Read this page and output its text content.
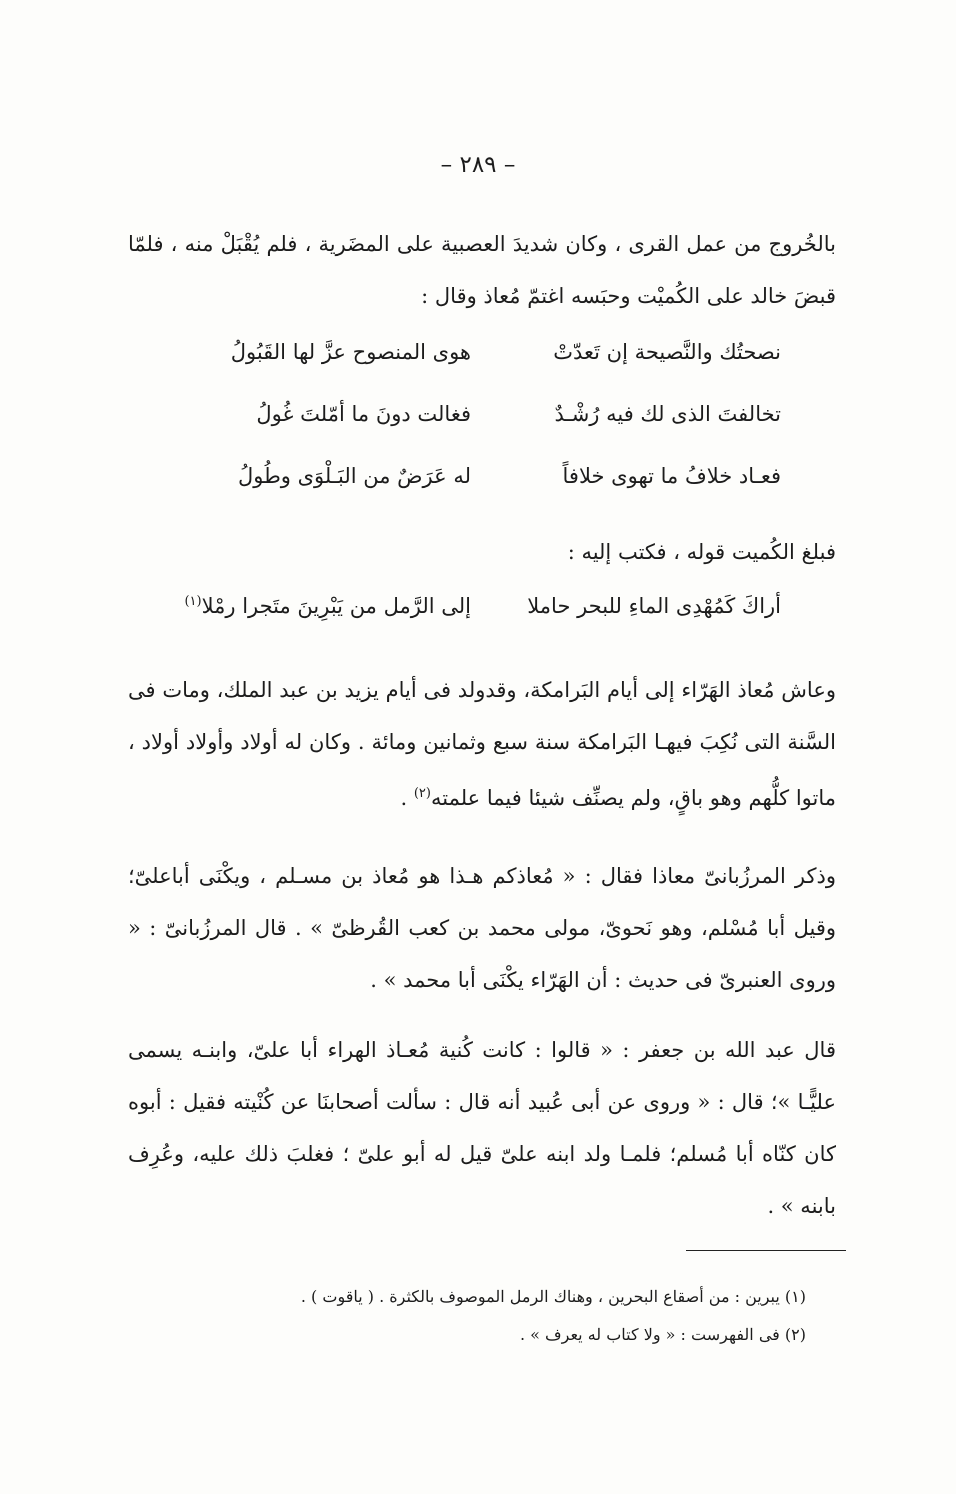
– ٢٨٩ –

بالخُروج من عمل القرى ، وكان شديدَ العصبية على المضَرية ، فلم يُقْبَلْ منه ، فلمّا قبضَ خالد على الكُميْت وحبَسه اغتمّ مُعاذ وقال :

نصحتُك والنَّصيحة إن تَعدّتْ
هوى المنصوح عزَّ لها القَبُولُ
تخالفتَ الذى لك فيه رُشْـدٌ
فغالت دونَ ما أمّلتَ غُولُ
فعـاد خلافُ ما تهوى خلافاً
له عَرَضٌ من البَـلْوَى وطُولُ

فبلغ الكُميت قوله ، فكتب إليه :

أراكَ كَمُهْدِى الماءِ للبحر حاملا
إلى الرَّمل من يَبْرِينَ متَجرا رمْلا$^{(١)}$

وعاش مُعاذ الهَرّاء إلى أيام البَرامكة، وقدولد فى أيام يزيد بن عبد الملك، ومات فى السَّنة التى نُكِبَ فيهـا البَرامكة سنة سبع وثمانين ومائة . وكان له أولاد وأولاد أولاد ، ماتوا كلُّهم وهو باقٍ، ولم يصنِّف شيئا فيما علمته$^{(٢)}$ .

وذكر المرزُبانىّ معاذا فقال : « مُعاذكم هـذا هو مُعاذ بن مسـلم ، ويكْنَى أباعلىّ؛ وقيل أبا مُسْلم، وهو نَحوىّ، مولى محمد بن كعب القُرظىّ » . قال المرزُبانىّ : « وروى العنبرىّ فى حديث : أن الهَرّاء يكْنَى أبا محمد » .

قال عبد الله بن جعفر : « قالوا : كانت كُنية مُعـاذ الهراء أبا علىّ، وابنـه يسمى عليًّـا »؛ قال : « وروى عن أبى عُبيد أنه قال : سألت أصحابنَا عن كُنْيته فقيل : أبوه كان كنّاه أبا مُسلم؛ فلمـا ولد ابنه علىّ قيل له أبو علىّ ؛ فغلبَ ذلك عليه، وعُرِف بابنه » .

(١) يبرين : من أصقاع البحرين ، وهناك الرمل الموصوف بالكثرة . ( ياقوت ) .
(٢) فى الفهرست : « ولا كتاب له يعرف » .
